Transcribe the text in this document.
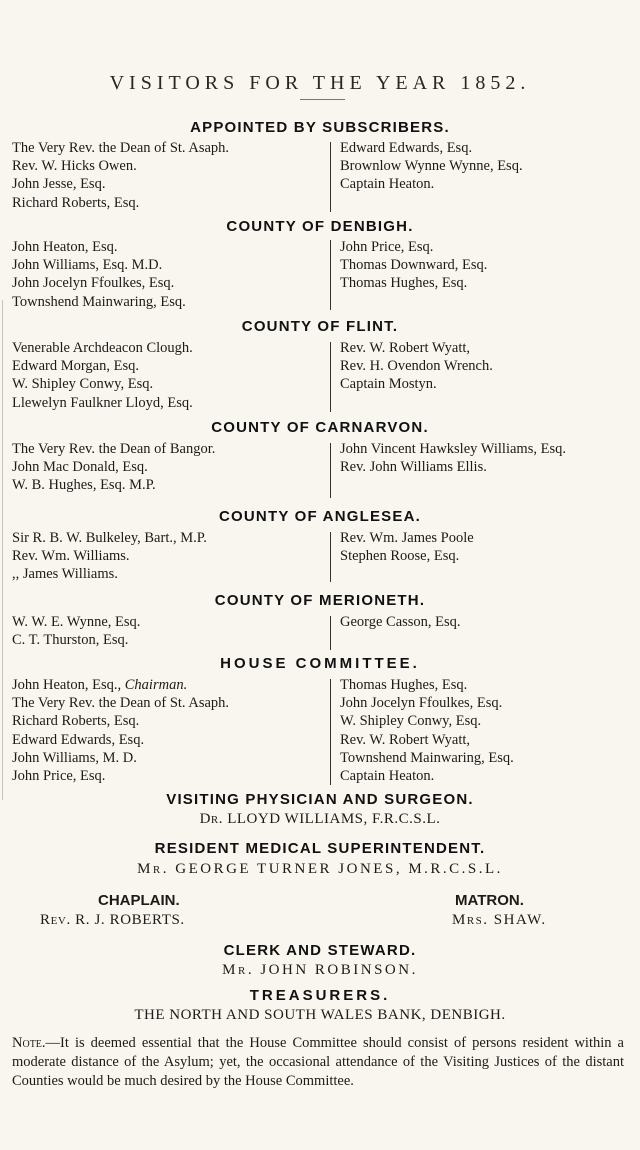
VISITORS FOR THE YEAR 1852.
APPOINTED BY SUBSCRIBERS.
The Very Rev. the Dean of St. Asaph.
Rev. W. Hicks Owen.
John Jesse, Esq.
Richard Roberts, Esq.
Edward Edwards, Esq.
Brownlow Wynne Wynne, Esq.
Captain Heaton.
COUNTY OF DENBIGH.
John Heaton, Esq.
John Williams, Esq. M.D.
John Jocelyn Ffoulkes, Esq.
Townshend Mainwaring, Esq.
John Price, Esq.
Thomas Downward, Esq.
Thomas Hughes, Esq.
COUNTY OF FLINT.
Venerable Archdeacon Clough.
Edward Morgan, Esq.
W. Shipley Conwy, Esq.
Llewelyn Faulkner Lloyd, Esq.
Rev. W. Robert Wyatt,
Rev. H. Ovendon Wrench.
Captain Mostyn.
COUNTY OF CARNARVON.
The Very Rev. the Dean of Bangor.
John Mac Donald, Esq.
W. B. Hughes, Esq. M.P.
John Vincent Hawksley Williams, Esq.
Rev. John Williams Ellis.
COUNTY OF ANGLESEA.
Sir R. B. W. Bulkeley, Bart., M.P.
Rev. Wm. Williams.
,, James Williams.
Rev. Wm. James Poole
Stephen Roose, Esq.
COUNTY OF MERIONETH.
W. W. E. Wynne, Esq.
C. T. Thurston, Esq.
George Casson, Esq.
HOUSE COMMITTEE.
John Heaton, Esq., Chairman.
The Very Rev. the Dean of St. Asaph.
Richard Roberts, Esq.
Edward Edwards, Esq.
John Williams, M. D.
John Price, Esq.
Thomas Hughes, Esq.
John Jocelyn Ffoulkes, Esq.
W. Shipley Conwy, Esq.
Rev. W. Robert Wyatt,
Townshend Mainwaring, Esq.
Captain Heaton.
VISITING PHYSICIAN AND SURGEON.
Dr. LLOYD WILLIAMS, F.R.C.S.L.
RESIDENT MEDICAL SUPERINTENDENT.
Mr. GEORGE TURNER JONES, M.R.C.S.L.
CHAPLAIN.
Rev. R. J. ROBERTS.
MATRON.
Mrs. SHAW.
CLERK AND STEWARD.
Mr. JOHN ROBINSON.
TREASURERS.
THE NORTH AND SOUTH WALES BANK, DENBIGH.
Note.—It is deemed essential that the House Committee should consist of persons resident within a moderate distance of the Asylum; yet, the occasional attendance of the Visiting Justices of the distant Counties would be much desired by the House Committee.
